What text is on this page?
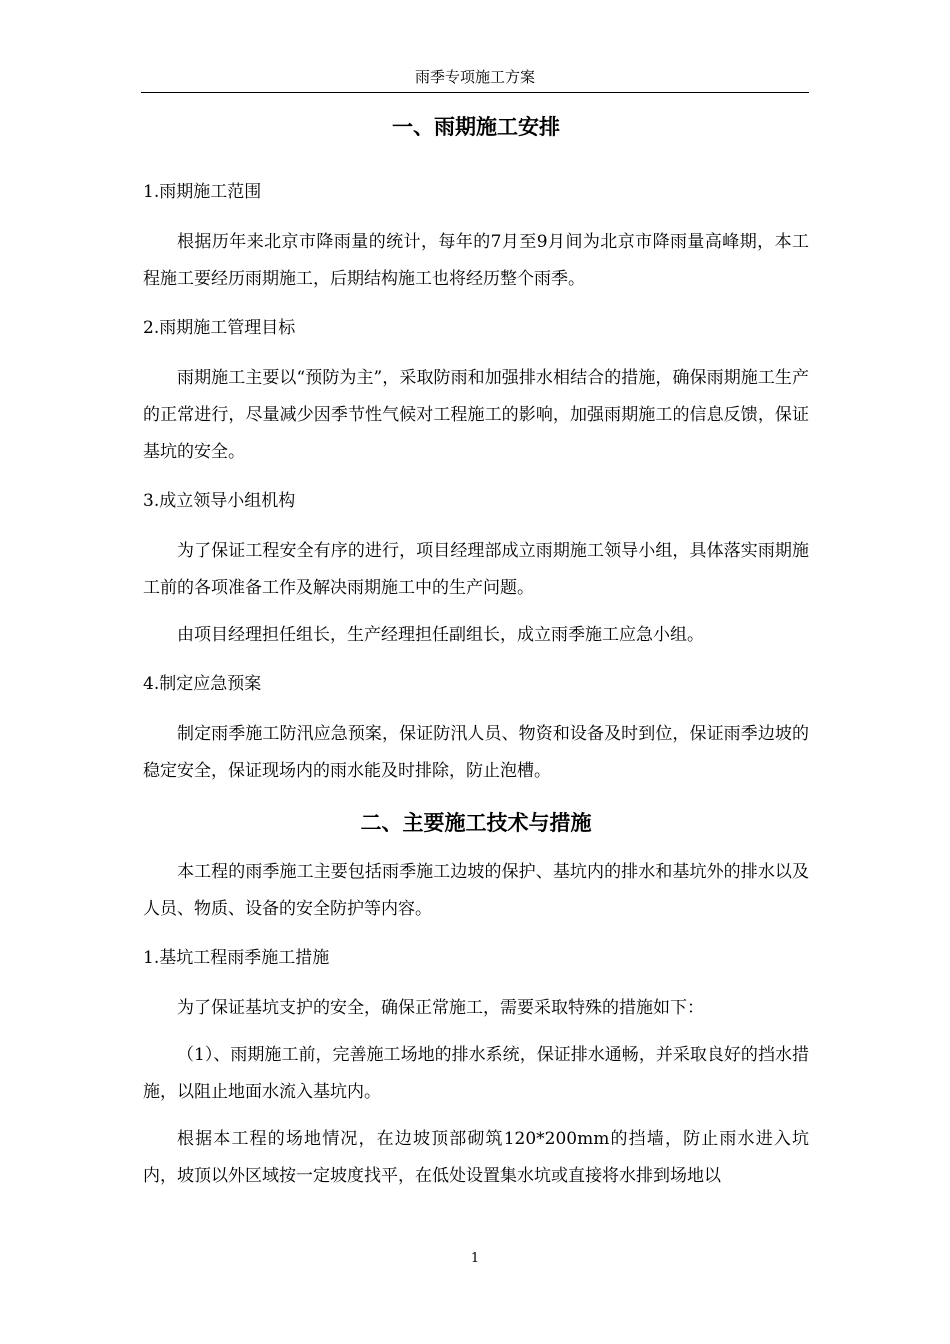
雨季专项施工方案
一、雨期施工安排
1.雨期施工范围

根据历年来北京市降雨量的统计，每年的7月至9月间为北京市降雨量高峰期，本工程施工要经历雨期施工，后期结构施工也将经历整个雨季。

2.雨期施工管理目标

雨期施工主要以“预防为主”，采取防雨和加强排水相结合的措施，确保雨期施工生产的正常进行，尽量减少因季节性气候对工程施工的影响，加强雨期施工的信息反馈，保证基坑的安全。

3.成立领导小组机构

为了保证工程安全有序的进行，项目经理部成立雨期施工领导小组，具体落实雨期施工前的各项准备工作及解决雨期施工中的生产问题。

由项目经理担任组长，生产经理担任副组长，成立雨季施工应急小组。

4.制定应急预案

制定雨季施工防汛应急预案，保证防汛人员、物资和设备及时到位，保证雨季边坡的稳定安全，保证现场内的雨水能及时排除，防止泡槽。

二、主要施工技术与措施

本工程的雨季施工主要包括雨季施工边坡的保护、基坑内的排水和基坑外的排水以及人员、物质、设备的安全防护等内容。

1.基坑工程雨季施工措施

为了保证基坑支护的安全，确保正常施工，需要采取特殊的措施如下：

（1）、雨期施工前，完善施工场地的排水系统，保证排水通畅，并采取良好的挡水措施，以阻止地面水流入基坑内。

根据本工程的场地情况，在边坡顶部砌筑120*200mm的挡墙，防止雨水进入坑内，坡顶以外区域按一定坡度找平，在低处设置集水坑或直接将水排到场地以

1
